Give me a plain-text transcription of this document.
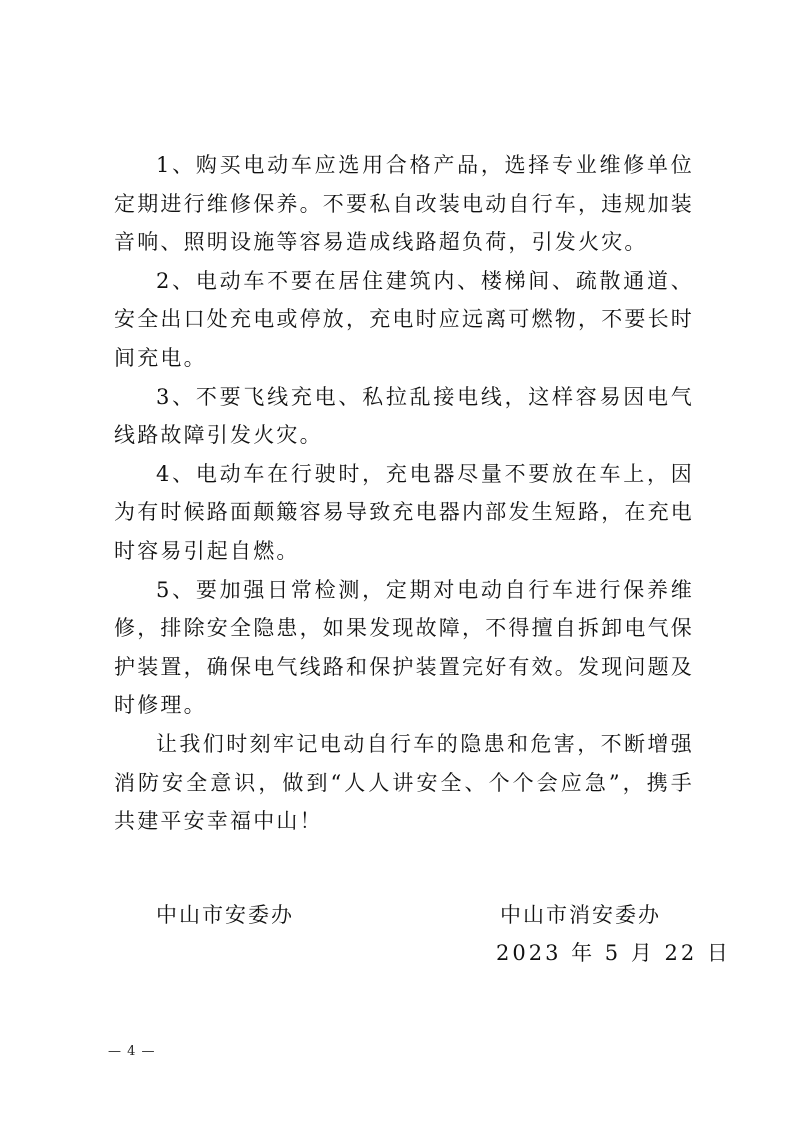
1、购买电动车应选用合格产品，选择专业维修单位定期进行维修保养。不要私自改装电动自行车，违规加装音响、照明设施等容易造成线路超负荷，引发火灾。

2、电动车不要在居住建筑内、楼梯间、疏散通道、安全出口处充电或停放，充电时应远离可燃物，不要长时间充电。

3、不要飞线充电、私拉乱接电线，这样容易因电气线路故障引发火灾。

4、电动车在行驶时，充电器尽量不要放在车上，因为有时候路面颠簸容易导致充电器内部发生短路，在充电时容易引起自燃。

5、要加强日常检测，定期对电动自行车进行保养维修，排除安全隐患，如果发现故障，不得擅自拆卸电气保护装置，确保电气线路和保护装置完好有效。发现问题及时修理。

让我们时刻牢记电动自行车的隐患和危害，不断增强消防安全意识，做到“人人讲安全、个个会应急”，携手共建平安幸福中山！

中山市安委办	中山市消安委办
2023 年 5 月 22 日
— 4 —
